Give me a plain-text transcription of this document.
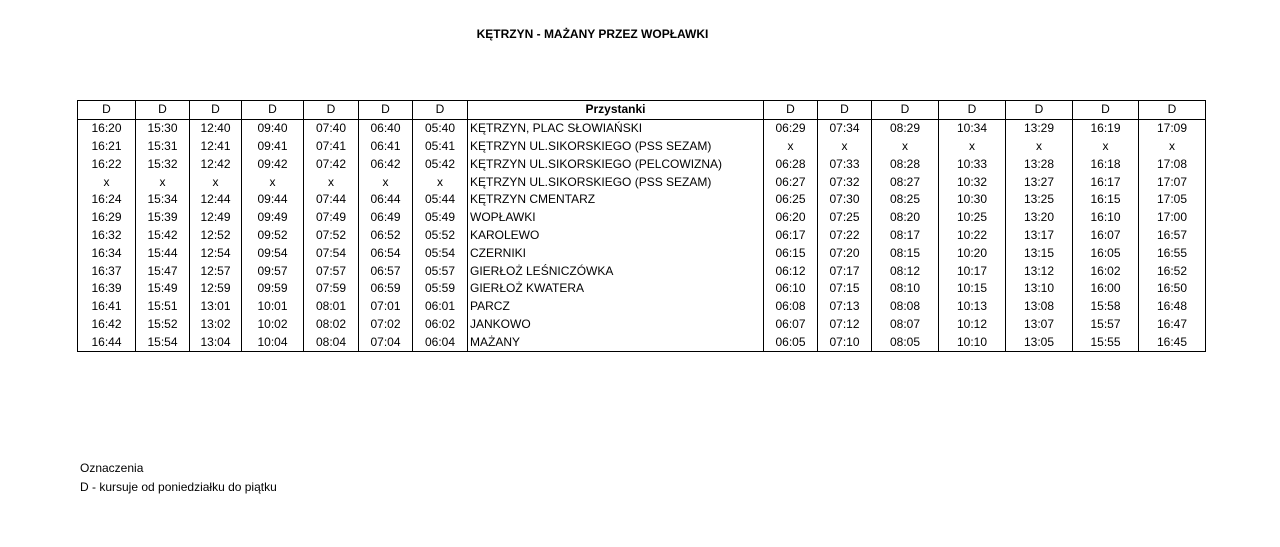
KĘTRZYN - MAŻANY PRZEZ WOPŁAWKI
D	D	D	D	D	D	D	Przystanki	D	D	D	D	D	D	D
16:20	15:30	12:40	09:40	07:40	06:40	05:40	KĘTRZYN, PLAC SŁOWIAŃSKI	06:29	07:34	08:29	10:34	13:29	16:19	17:09
16:21	15:31	12:41	09:41	07:41	06:41	05:41	KĘTRZYN UL.SIKORSKIEGO (PSS SEZAM)	x	x	x	x	x	x	x
16:22	15:32	12:42	09:42	07:42	06:42	05:42	KĘTRZYN UL.SIKORSKIEGO (PELCOWIZNA)	06:28	07:33	08:28	10:33	13:28	16:18	17:08
x	x	x	x	x	x	x	KĘTRZYN UL.SIKORSKIEGO (PSS SEZAM)	06:27	07:32	08:27	10:32	13:27	16:17	17:07
16:24	15:34	12:44	09:44	07:44	06:44	05:44	KĘTRZYN CMENTARZ	06:25	07:30	08:25	10:30	13:25	16:15	17:05
16:29	15:39	12:49	09:49	07:49	06:49	05:49	WOPŁAWKI	06:20	07:25	08:20	10:25	13:20	16:10	17:00
16:32	15:42	12:52	09:52	07:52	06:52	05:52	KAROLEWO	06:17	07:22	08:17	10:22	13:17	16:07	16:57
16:34	15:44	12:54	09:54	07:54	06:54	05:54	CZERNIKI	06:15	07:20	08:15	10:20	13:15	16:05	16:55
16:37	15:47	12:57	09:57	07:57	06:57	05:57	GIERŁOŻ LEŚNICZÓWKA	06:12	07:17	08:12	10:17	13:12	16:02	16:52
16:39	15:49	12:59	09:59	07:59	06:59	05:59	GIERŁOŻ KWATERA	06:10	07:15	08:10	10:15	13:10	16:00	16:50
16:41	15:51	13:01	10:01	08:01	07:01	06:01	PARCZ	06:08	07:13	08:08	10:13	13:08	15:58	16:48
16:42	15:52	13:02	10:02	08:02	07:02	06:02	JANKOWO	06:07	07:12	08:07	10:12	13:07	15:57	16:47
16:44	15:54	13:04	10:04	08:04	07:04	06:04	MAŻANY	06:05	07:10	08:05	10:10	13:05	15:55	16:45
Oznaczenia
D - kursuje od poniedziałku do piątku
